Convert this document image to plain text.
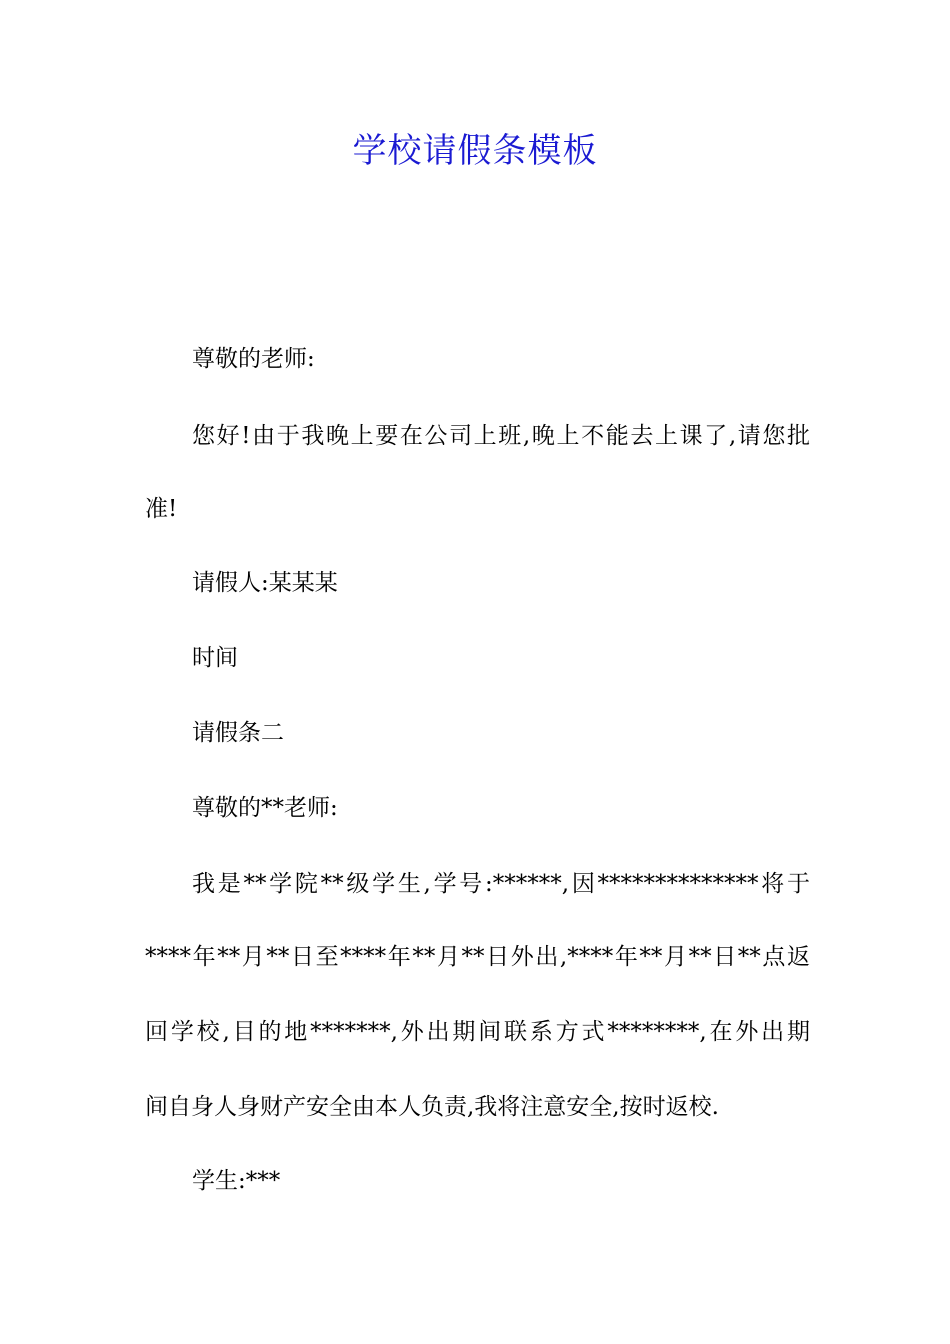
学校请假条模板
尊敬的老师:
您好!由于我晚上要在公司上班,晚上不能去上课了,请您批
准!
请假人:某某某
时间
请假条二
尊敬的**老师:
我是**学院**级学生,学号:******,因**************将于
****年**月**日至****年**月**日外出,****年**月**日**点返
回学校,目的地*******,外出期间联系方式********,在外出期
间自身人身财产安全由本人负责,我将注意安全,按时返校.
学生:***
